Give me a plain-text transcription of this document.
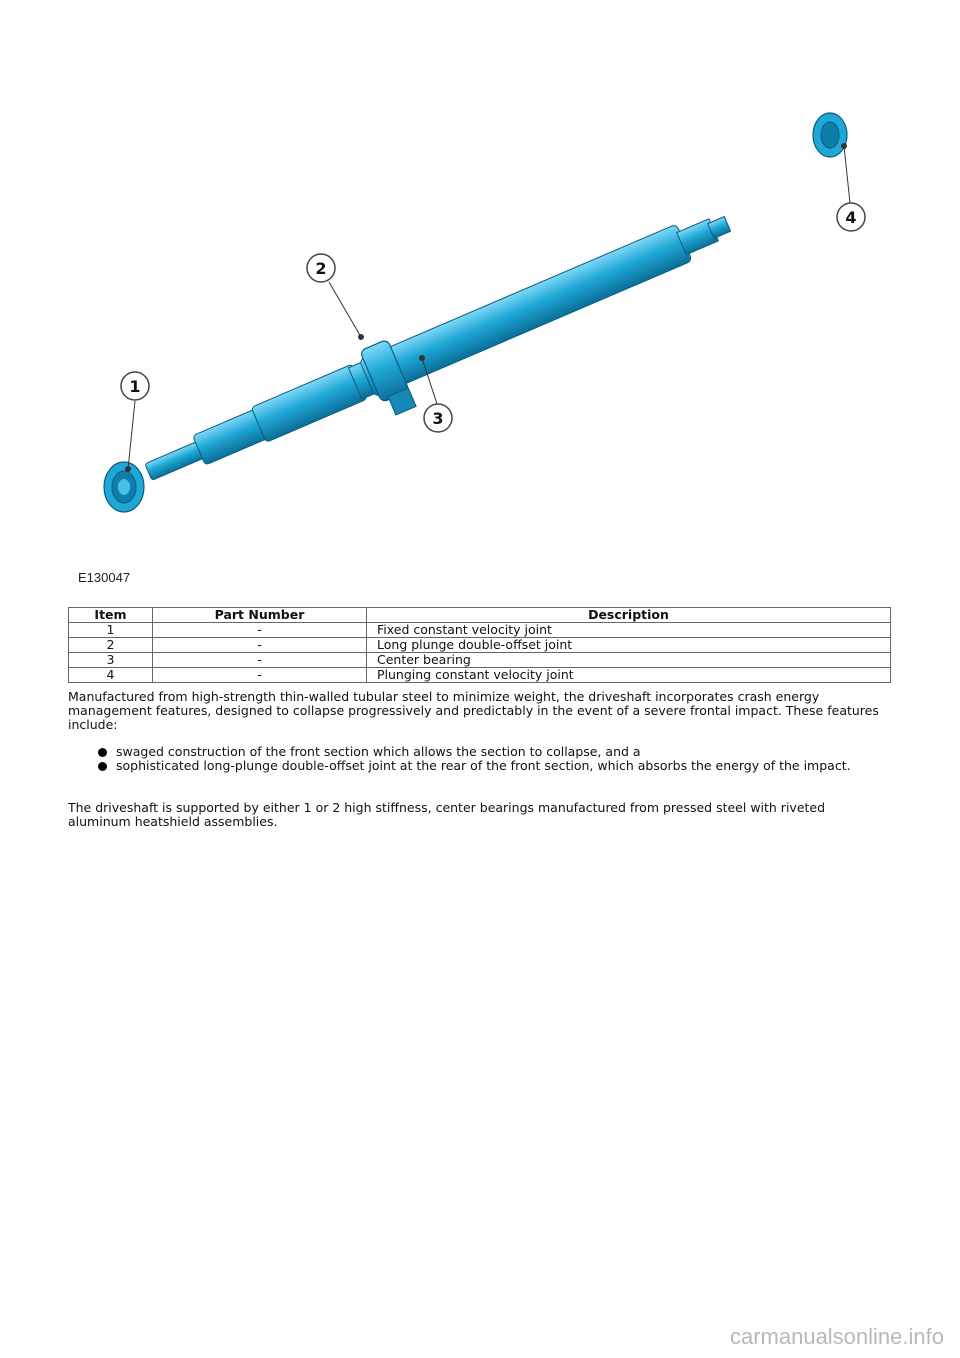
1
2
3
4
E130047
Item	Part Number	Description
1	-	Fixed constant velocity joint
2	-	Long plunge double-offset joint
3	-	Center bearing
4	-	Plunging constant velocity joint

Manufactured from high-strength thin-walled tubular steel to minimize weight, the driveshaft incorporates crash energy management features, designed to collapse progressively and predictably in the event of a severe frontal impact. These features include:

swaged construction of the front section which allows the section to collapse, and a
sophisticated long-plunge double-offset joint at the rear of the front section, which absorbs the energy of the impact.

The driveshaft is supported by either 1 or 2 high stiffness, center bearings manufactured from pressed steel with riveted aluminum heatshield assemblies.

carmanualsonline.info
